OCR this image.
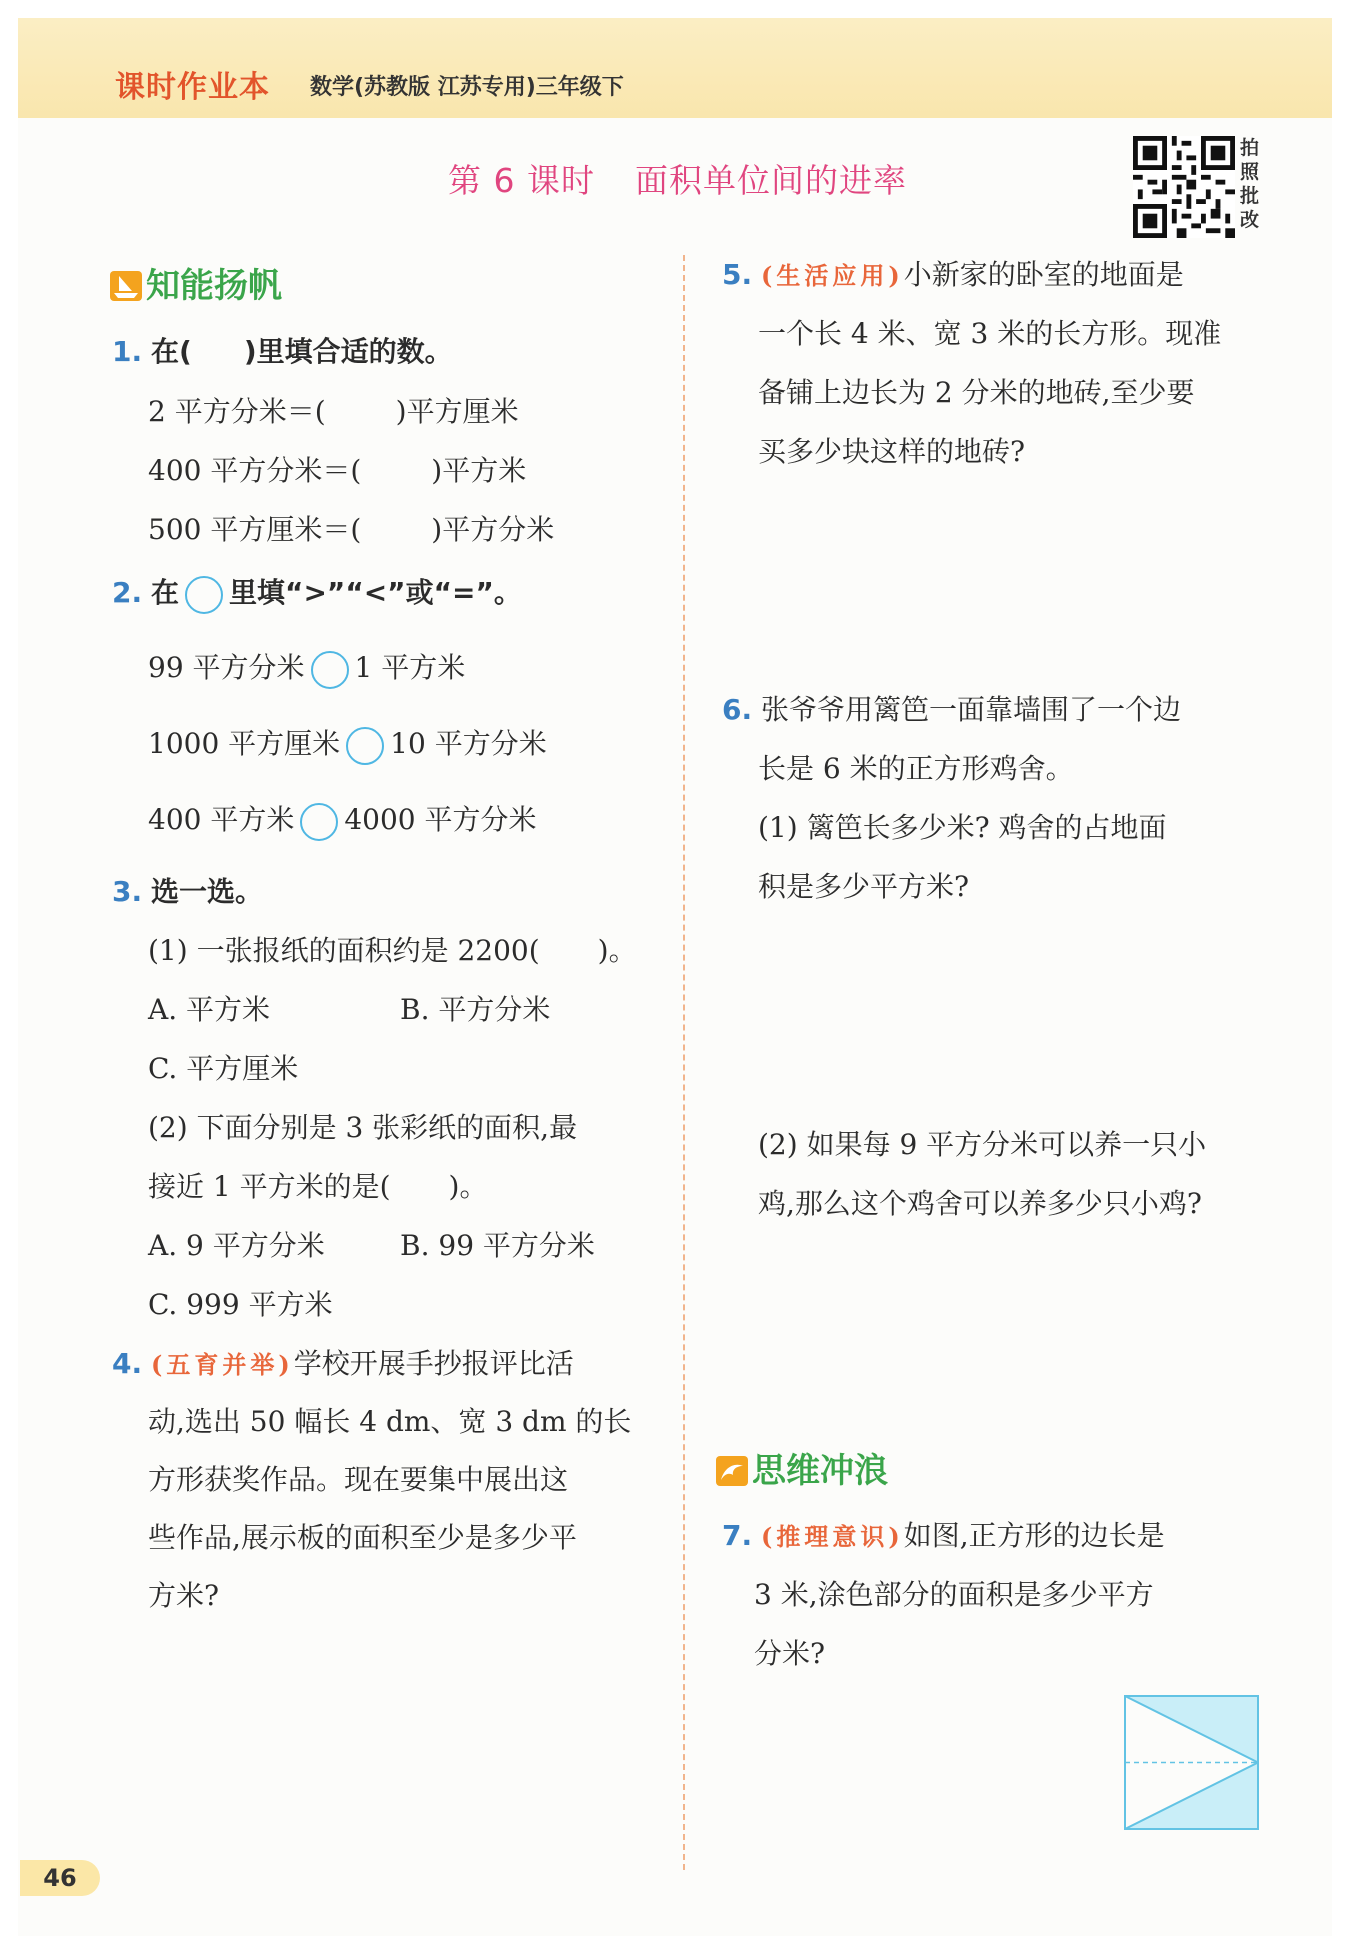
课时作业本 数学(苏教版 江苏专用)三年级下
第 6 课时 面积单位间的进率
拍
照
批
改
知能扬帆
1. 在( )里填合适的数。
2 平方分米＝(	)平方厘米
400 平方分米＝(	)平方米
500 平方厘米＝(	)平方分米
2. 在 里填“>”“<”或“=”。
99 平方分米 1 平方米
1000 平方厘米 10 平方分米
400 平方米 4000 平方分米
3. 选一选。
(1) 一张报纸的面积约是 2200( )。
A. 平方米	B. 平方分米
C. 平方厘米
(2) 下面分别是 3 张彩纸的面积,最
接近 1 平方米的是( )。
A. 9 平方分米	B. 99 平方分米
C. 999 平方米
4. (五育并举)学校开展手抄报评比活
动,选出 50 幅长 4 dm、宽 3 dm 的长
方形获奖作品。现在要集中展出这
些作品,展示板的面积至少是多少平
方米?
5. (生活应用)小新家的卧室的地面是
一个长 4 米、宽 3 米的长方形。现准
备铺上边长为 2 分米的地砖,至少要
买多少块这样的地砖?
6. 张爷爷用篱笆一面靠墙围了一个边
长是 6 米的正方形鸡舍。
(1) 篱笆长多少米? 鸡舍的占地面
积是多少平方米?
(2) 如果每 9 平方分米可以养一只小
鸡,那么这个鸡舍可以养多少只小鸡?
思维冲浪
7. (推理意识)如图,正方形的边长是
3 米,涂色部分的面积是多少平方
分米?
46
